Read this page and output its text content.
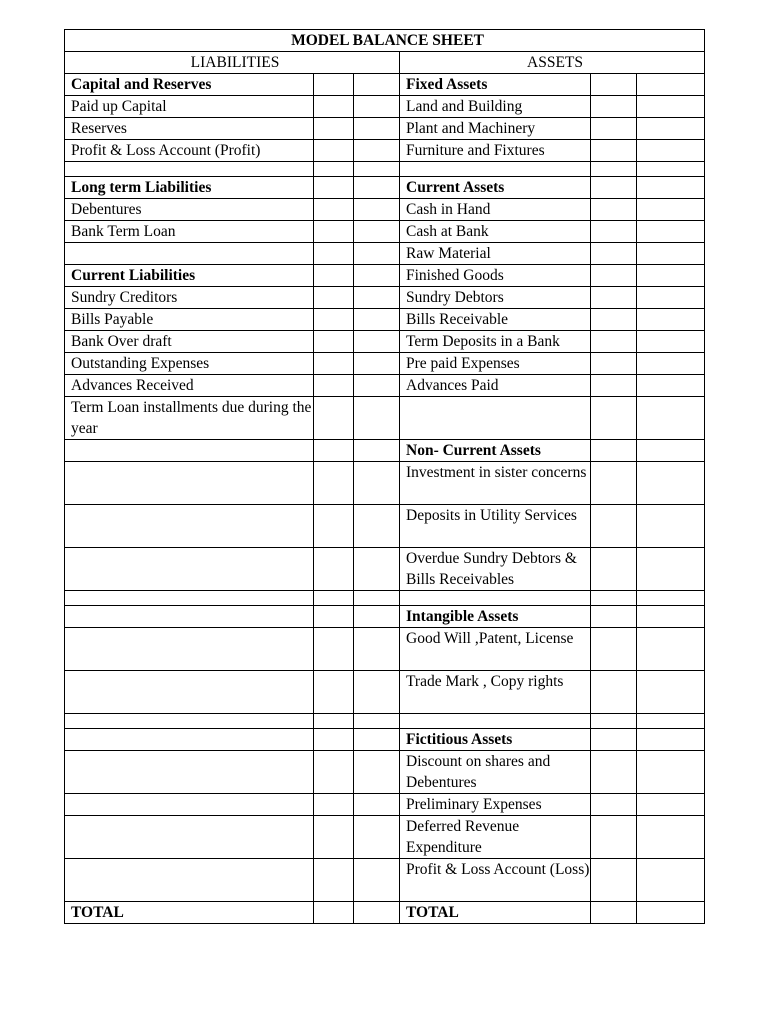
MODEL BALANCE SHEET					
LIABILITIES			ASSETS		
Capital and Reserves			Fixed Assets		
Paid up Capital			Land and Building		
Reserves			Plant and Machinery		
Profit & Loss Account (Profit)			Furniture and Fixtures		

Long term Liabilities			Current Assets		
Debentures			Cash in Hand		
Bank Term Loan			Cash at Bank		
			Raw Material		
Current Liabilities			Finished Goods		
Sundry Creditors			Sundry Debtors		
Bills Payable			Bills Receivable		
Bank Over draft			Term Deposits in a Bank		
Outstanding Expenses			Pre paid Expenses		
Advances Received			Advances Paid		
Term Loan installments due during the year					
			Non- Current Assets		
			Investment in sister concerns		
			Deposits in Utility Services		
			Overdue Sundry Debtors & Bills Receivables		

			Intangible Assets		
			Good Will ,Patent, License		
			Trade Mark , Copy rights		

			Fictitious Assets		
			Discount on shares and Debentures		
			Preliminary Expenses		
			Deferred Revenue Expenditure		
			Profit & Loss Account (Loss)		
TOTAL			TOTAL		
